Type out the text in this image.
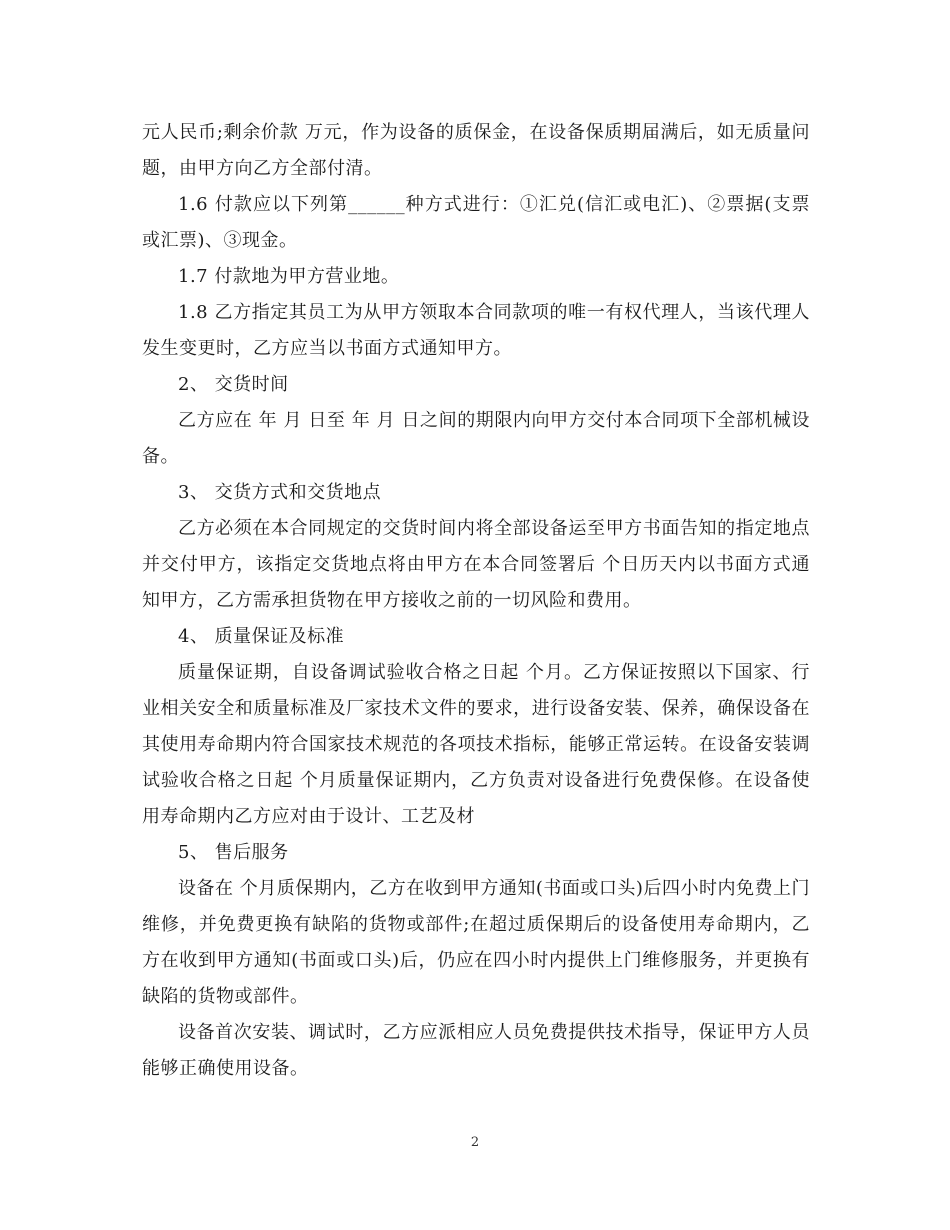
元人民币;剩余价款 万元，作为设备的质保金，在设备保质期届满后，如无质量问题，由甲方向乙方全部付清。

1.6 付款应以下列第______种方式进行：①汇兑(信汇或电汇)、②票据(支票或汇票)、③现金。

1.7 付款地为甲方营业地。

1.8 乙方指定其员工为从甲方领取本合同款项的唯一有权代理人，当该代理人发生变更时，乙方应当以书面方式通知甲方。

2、 交货时间

乙方应在 年 月 日至 年 月 日之间的期限内向甲方交付本合同项下全部机械设备。

3、 交货方式和交货地点

乙方必须在本合同规定的交货时间内将全部设备运至甲方书面告知的指定地点并交付甲方，该指定交货地点将由甲方在本合同签署后 个日历天内以书面方式通知甲方，乙方需承担货物在甲方接收之前的一切风险和费用。

4、 质量保证及标准

质量保证期，自设备调试验收合格之日起 个月。乙方保证按照以下国家、行业相关安全和质量标准及厂家技术文件的要求，进行设备安装、保养，确保设备在其使用寿命期内符合国家技术规范的各项技术指标，能够正常运转。在设备安装调试验收合格之日起 个月质量保证期内，乙方负责对设备进行免费保修。在设备使用寿命期内乙方应对由于设计、工艺及材

5、 售后服务

设备在 个月质保期内，乙方在收到甲方通知(书面或口头)后四小时内免费上门维修，并免费更换有缺陷的货物或部件;在超过质保期后的设备使用寿命期内，乙方在收到甲方通知(书面或口头)后，仍应在四小时内提供上门维修服务，并更换有缺陷的货物或部件。

设备首次安装、调试时，乙方应派相应人员免费提供技术指导，保证甲方人员能够正确使用设备。

2
